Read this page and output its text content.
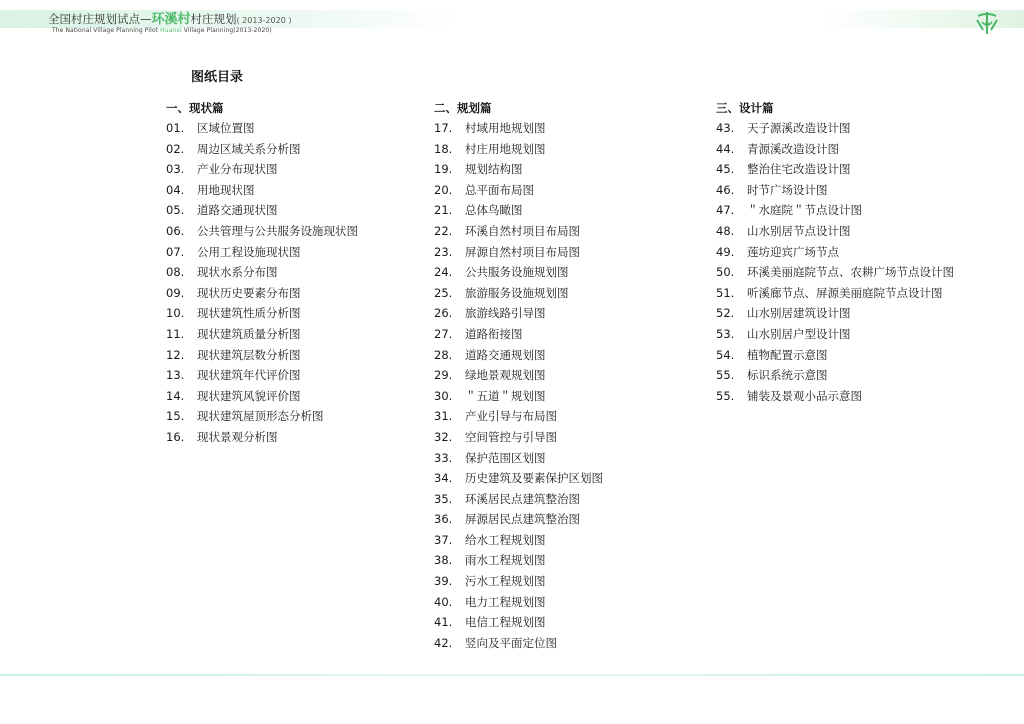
全国村庄规划试点—环溪村村庄规划( 2013-2020 )
The National Village Planning Pilot Huanxi Village Planning(2013-2020)
图纸目录
一、现状篇
01. 区域位置图
02. 周边区域关系分析图
03. 产业分布现状图
04. 用地现状图
05. 道路交通现状图
06. 公共管理与公共服务设施现状图
07. 公用工程设施现状图
08. 现状水系分布图
09. 现状历史要素分布图
10. 现状建筑性质分析图
11. 现状建筑质量分析图
12. 现状建筑层数分析图
13. 现状建筑年代评价图
14. 现状建筑风貌评价图
15. 现状建筑屋顶形态分析图
16. 现状景观分析图
二、规划篇
17. 村域用地规划图
18. 村庄用地规划图
19. 规划结构图
20. 总平面布局图
21. 总体鸟瞰图
22. 环溪自然村项目布局图
23. 屏源自然村项目布局图
24. 公共服务设施规划图
25. 旅游服务设施规划图
26. 旅游线路引导图
27. 道路衔接图
28. 道路交通规划图
29. 绿地景观规划图
30. ＂五道＂规划图
31. 产业引导与布局图
32. 空间管控与引导图
33. 保护范围区划图
34. 历史建筑及要素保护区划图
35. 环溪居民点建筑整治图
36. 屏源居民点建筑整治图
37. 给水工程规划图
38. 雨水工程规划图
39. 污水工程规划图
40. 电力工程规划图
41. 电信工程规划图
42. 竖向及平面定位图
三、设计篇
43. 天子源溪改造设计图
44. 青源溪改造设计图
45. 整治住宅改造设计图
46. 时节广场设计图
47. ＂水庭院＂节点设计图
48. 山水别居节点设计图
49. 莲坊迎宾广场节点
50. 环溪美丽庭院节点、农耕广场节点设计图
51. 听溪廊节点、屏源美丽庭院节点设计图
52. 山水别居建筑设计图
53. 山水别居户型设计图
54. 植物配置示意图
55. 标识系统示意图
55. 铺装及景观小品示意图
